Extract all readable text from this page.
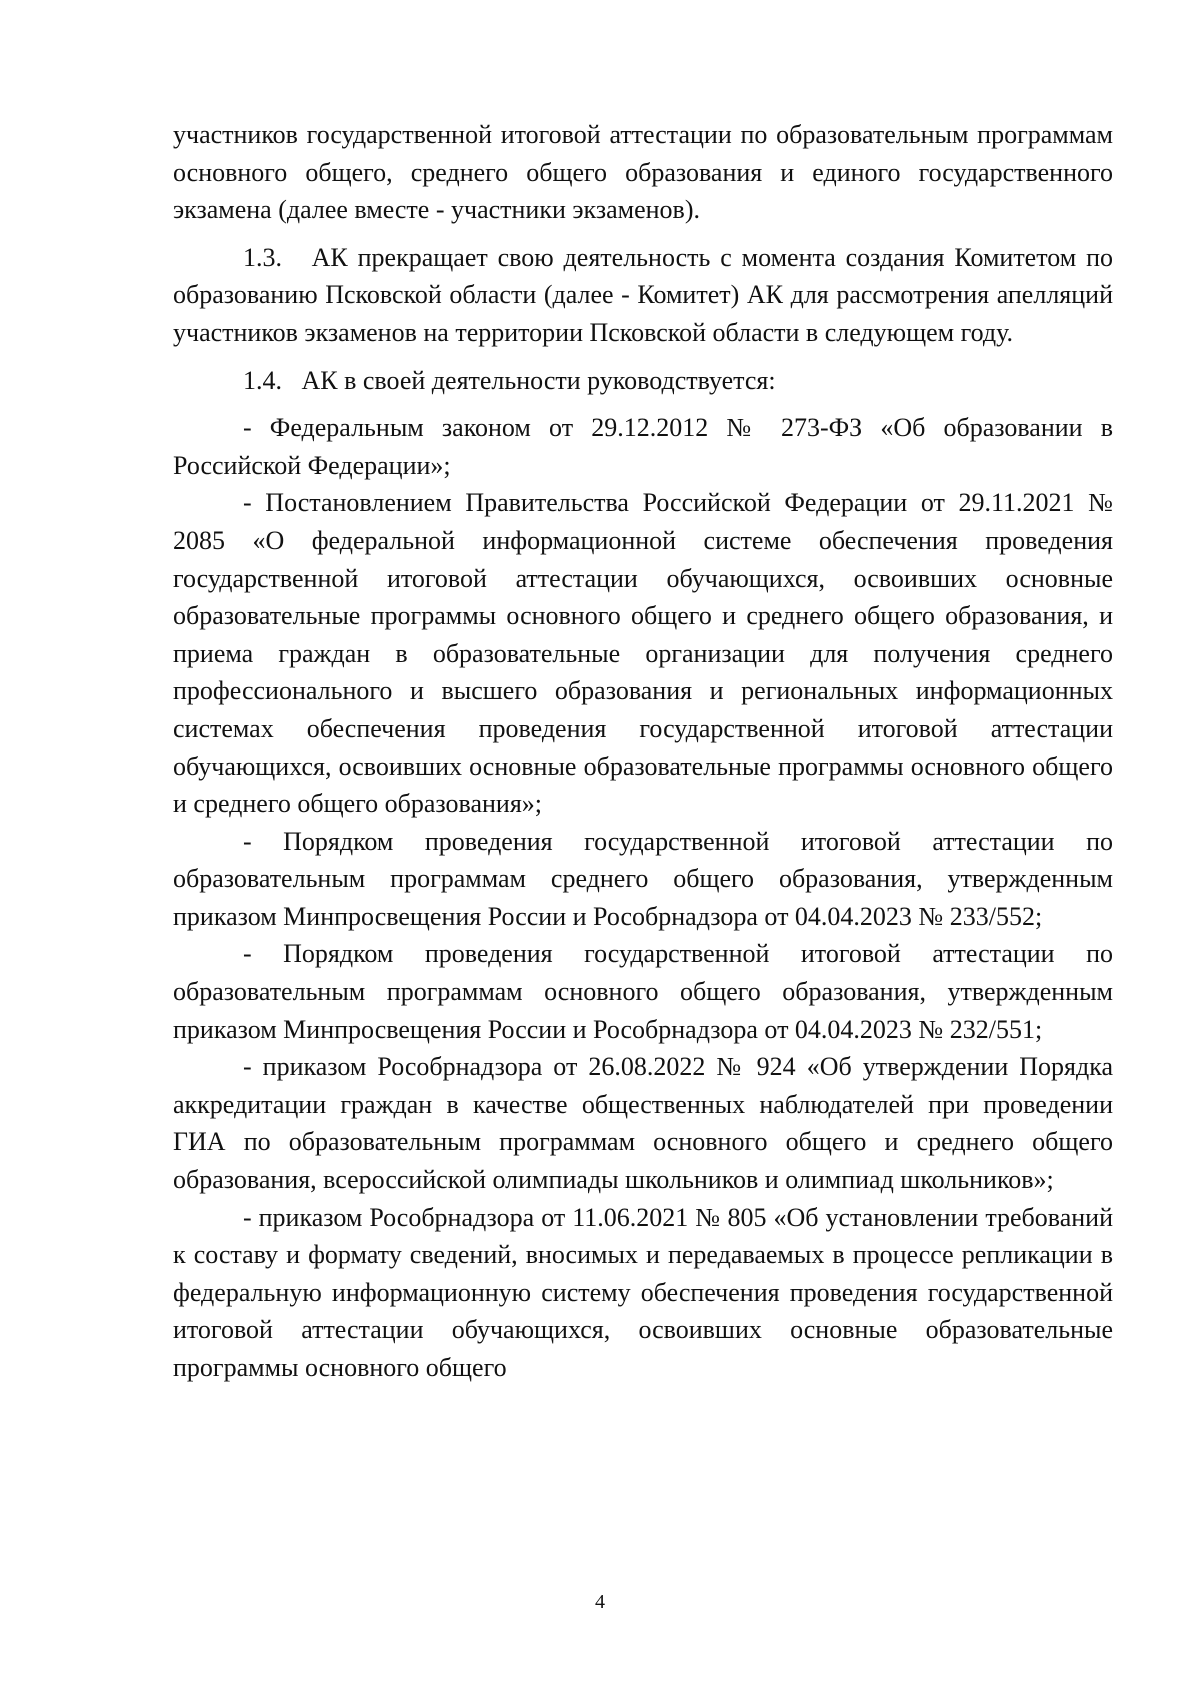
участников государственной итоговой аттестации по образовательным программам основного общего, среднего общего образования и единого государственного экзамена (далее вместе - участники экзаменов).

1.3.   АК прекращает свою деятельность с момента создания Комитетом по образованию Псковской области (далее - Комитет) АК для рассмотрения апелляций участников экзаменов на территории Псковской области в следующем году.

1.4.   АК в своей деятельности руководствуется:

- Федеральным законом от 29.12.2012 № 273-ФЗ «Об образовании в Российской Федерации»;

- Постановлением Правительства Российской Федерации от 29.11.2021 № 2085 «О федеральной информационной системе обеспечения проведения государственной итоговой аттестации обучающихся, освоивших основные образовательные программы основного общего и среднего общего образования, и приема граждан в образовательные организации для получения среднего профессионального и высшего образования и региональных информационных системах обеспечения проведения государственной итоговой аттестации обучающихся, освоивших основные образовательные программы основного общего и среднего общего образования»;

- Порядком проведения государственной итоговой аттестации по образовательным программам среднего общего образования, утвержденным приказом Минпросвещения России и Рособрнадзора от 04.04.2023 № 233/552;

- Порядком проведения государственной итоговой аттестации по образовательным программам основного общего образования, утвержденным приказом Минпросвещения России и Рособрнадзора от 04.04.2023 № 232/551;

- приказом Рособрнадзора от 26.08.2022 № 924 «Об утверждении Порядка аккредитации граждан в качестве общественных наблюдателей при проведении ГИА по образовательным программам основного общего и среднего общего образования, всероссийской олимпиады школьников и олимпиад школьников»;

- приказом Рособрнадзора от 11.06.2021 № 805 «Об установлении требований к составу и формату сведений, вносимых и передаваемых в процессе репликации в федеральную информационную систему обеспечения проведения государственной итоговой аттестации обучающихся, освоивших основные образовательные программы основного общего

4
